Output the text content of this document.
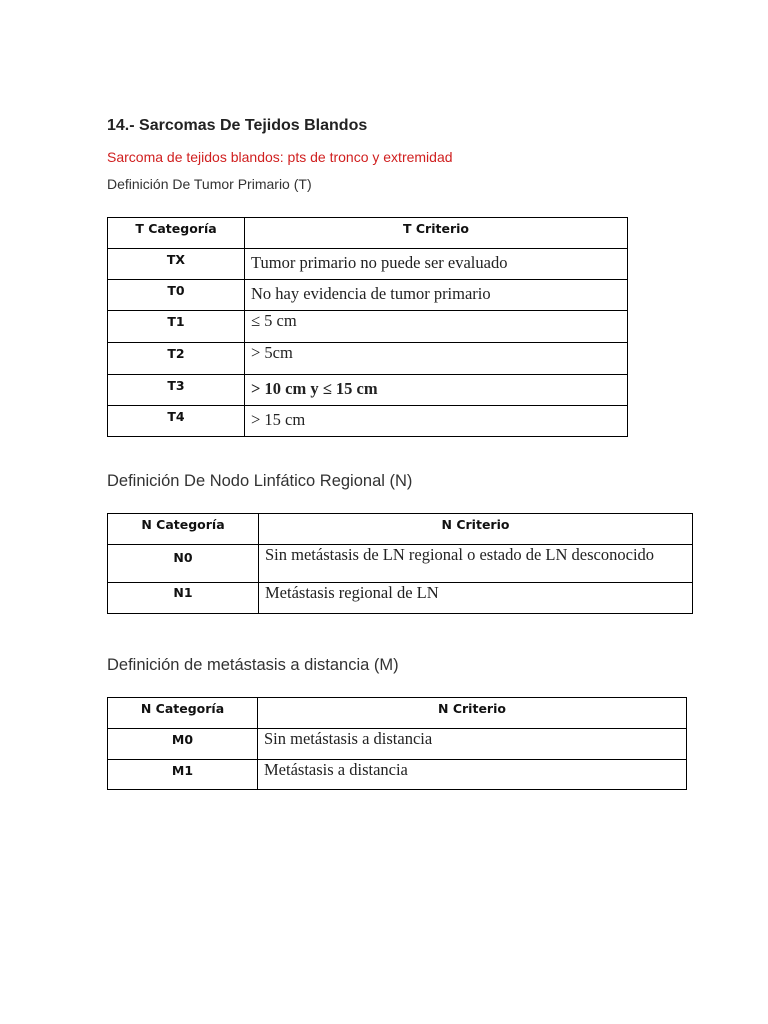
14.- Sarcomas De Tejidos Blandos
Sarcoma de tejidos blandos: pts de tronco y extremidad
Definición De Tumor Primario (T)
T Categoría	T Criterio
TX	Tumor primario no puede ser evaluado
T0	No hay evidencia de tumor primario
T1	≤ 5 cm
T2	> 5cm
T3	> 10 cm y ≤ 15 cm
T4	> 15 cm
Definición De Nodo Linfático Regional (N)
N Categoría	N Criterio
N0	Sin metástasis de LN regional o estado de LN desconocido
N1	Metástasis regional de LN
Definición de metástasis a distancia (M)
N Categoría	N Criterio
M0	Sin metástasis a distancia
M1	Metástasis a distancia
